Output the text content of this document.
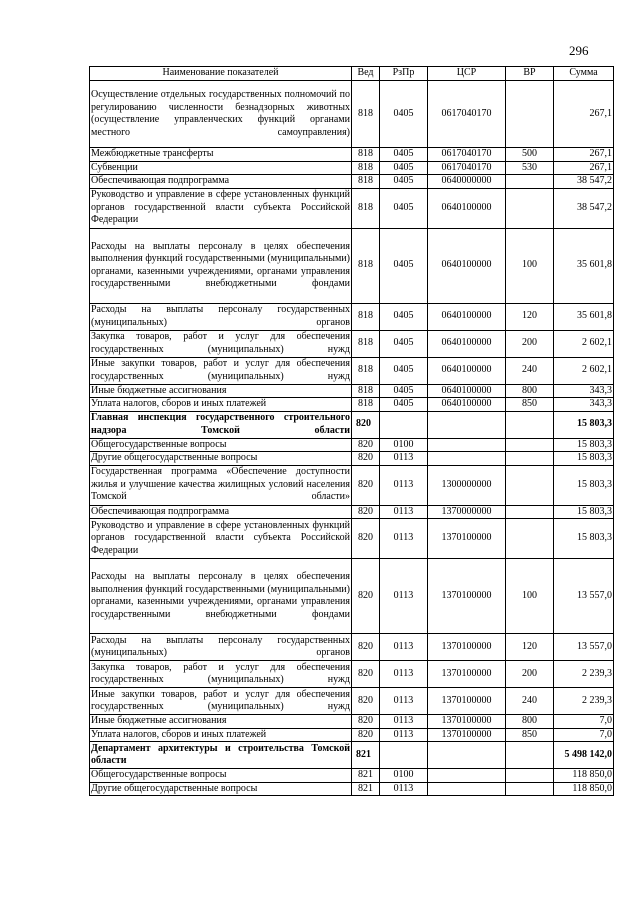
296
Наименование показателей	Вед	РзПр	ЦСР	ВР	Сумма
Осуществление отдельных государственных полномочий по регулированию численности безнадзорных животных (осуществление управленческих функций органами местного самоуправления)	818	0405	0617040170		267,1
Межбюджетные трансферты	818	0405	0617040170	500	267,1
Субвенции	818	0405	0617040170	530	267,1
Обеспечивающая подпрограмма	818	0405	0640000000		38 547,2
Руководство и управление в сфере установленных функций органов государственной власти субъекта Российской Федерации	818	0405	0640100000		38 547,2
Расходы на выплаты персоналу в целях обеспечения выполнения функций государственными (муниципальными) органами, казенными учреждениями, органами управления государственными внебюджетными фондами	818	0405	0640100000	100	35 601,8
Расходы на выплаты персоналу государственных (муниципальных) органов	818	0405	0640100000	120	35 601,8
Закупка товаров, работ и услуг для обеспечения государственных (муниципальных) нужд	818	0405	0640100000	200	2 602,1
Иные закупки товаров, работ и услуг для обеспечения государственных (муниципальных) нужд	818	0405	0640100000	240	2 602,1
Иные бюджетные ассигнования	818	0405	0640100000	800	343,3
Уплата налогов, сборов и иных платежей	818	0405	0640100000	850	343,3
Главная инспекция государственного строительного надзора Томской области	820				15 803,3
Общегосударственные вопросы	820	0100			15 803,3
Другие общегосударственные вопросы	820	0113			15 803,3
Государственная программа «Обеспечение доступности жилья и улучшение качества жилищных условий населения Томской области»	820	0113	1300000000		15 803,3
Обеспечивающая подпрограмма	820	0113	1370000000		15 803,3
Руководство и управление в сфере установленных функций органов государственной власти субъекта Российской Федерации	820	0113	1370100000		15 803,3
Расходы на выплаты персоналу в целях обеспечения выполнения функций государственными (муниципальными) органами, казенными учреждениями, органами управления государственными внебюджетными фондами	820	0113	1370100000	100	13 557,0
Расходы на выплаты персоналу государственных (муниципальных) органов	820	0113	1370100000	120	13 557,0
Закупка товаров, работ и услуг для обеспечения государственных (муниципальных) нужд	820	0113	1370100000	200	2 239,3
Иные закупки товаров, работ и услуг для обеспечения государственных (муниципальных) нужд	820	0113	1370100000	240	2 239,3
Иные бюджетные ассигнования	820	0113	1370100000	800	7,0
Уплата налогов, сборов и иных платежей	820	0113	1370100000	850	7,0
Департамент архитектуры и строительства Томской области	821				5 498 142,0
Общегосударственные вопросы	821	0100			118 850,0
Другие общегосударственные вопросы	821	0113			118 850,0
